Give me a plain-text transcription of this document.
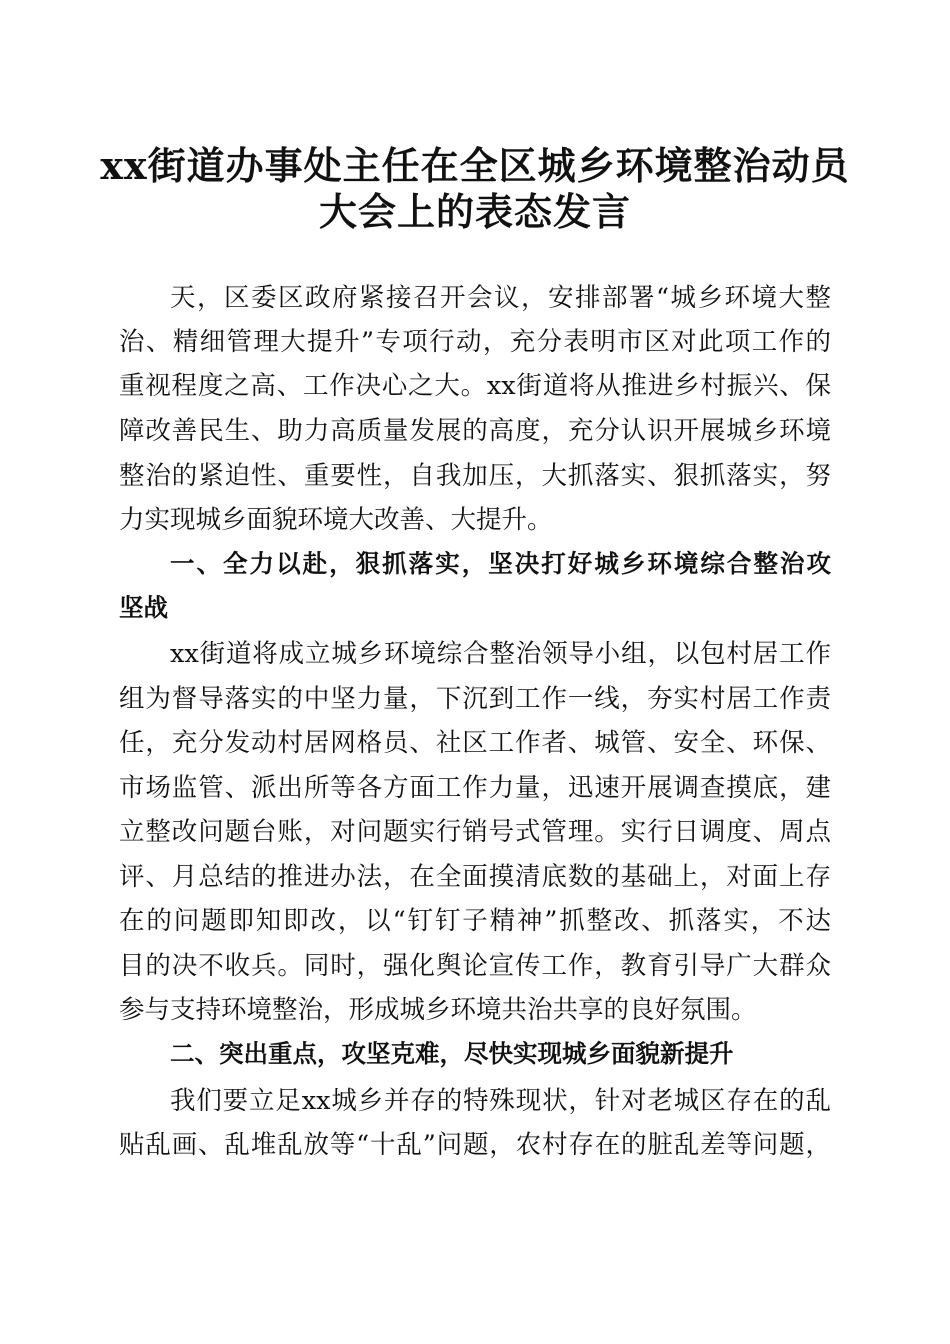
xx街道办事处主任在全区城乡环境整治动员
大会上的表态发言
天，区委区政府紧接召开会议，安排部署“城乡环境大整
治、精细管理大提升”专项行动，充分表明市区对此项工作的
重视程度之高、工作决心之大。xx街道将从推进乡村振兴、保
障改善民生、助力高质量发展的高度，充分认识开展城乡环境
整治的紧迫性、重要性，自我加压，大抓落实、狠抓落实，努
力实现城乡面貌环境大改善、大提升。
一、全力以赴，狠抓落实，坚决打好城乡环境综合整治攻
坚战
xx街道将成立城乡环境综合整治领导小组，以包村居工作
组为督导落实的中坚力量，下沉到工作一线，夯实村居工作责
任，充分发动村居网格员、社区工作者、城管、安全、环保、
市场监管、派出所等各方面工作力量，迅速开展调查摸底，建
立整改问题台账，对问题实行销号式管理。实行日调度、周点
评、月总结的推进办法，在全面摸清底数的基础上，对面上存
在的问题即知即改，以“钉钉子精神”抓整改、抓落实，不达
目的决不收兵。同时，强化舆论宣传工作，教育引导广大群众
参与支持环境整治，形成城乡环境共治共享的良好氛围。
二、突出重点，攻坚克难，尽快实现城乡面貌新提升
我们要立足xx城乡并存的特殊现状，针对老城区存在的乱
贴乱画、乱堆乱放等“十乱”问题，农村存在的脏乱差等问题，
